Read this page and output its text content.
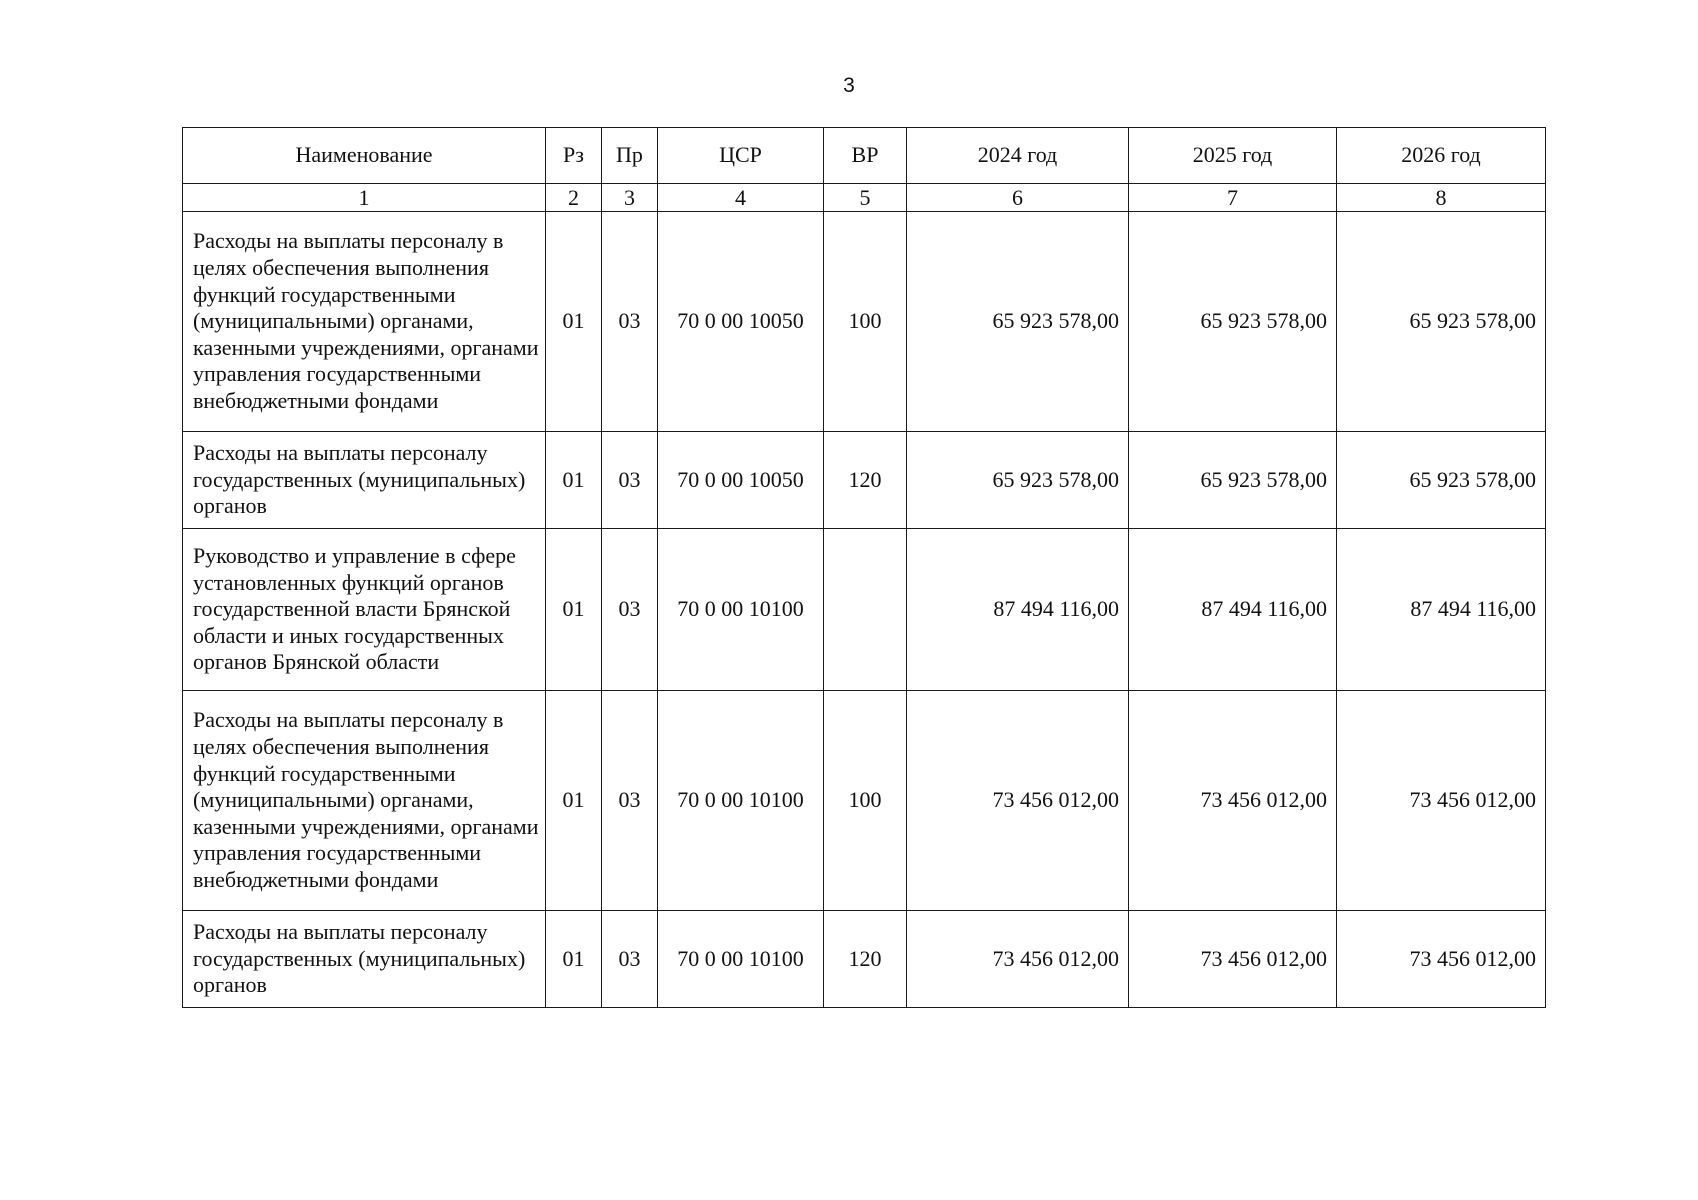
3
Наименование	Рз	Пр	ЦСР	ВР	2024 год	2025 год	2026 год
1	2	3	4	5	6	7	8
Расходы на выплаты персоналу в целях обеспечения выполнения функций государственными (муниципальными) органами, казенными учреждениями, органами управления государственными внебюджетными фондами	01	03	70 0 00 10050	100	65 923 578,00	65 923 578,00	65 923 578,00
Расходы на выплаты персоналу государственных (муниципальных) органов	01	03	70 0 00 10050	120	65 923 578,00	65 923 578,00	65 923 578,00
Руководство и управление в сфере установленных функций органов государственной власти Брянской области и иных государственных органов Брянской области	01	03	70 0 00 10100		87 494 116,00	87 494 116,00	87 494 116,00
Расходы на выплаты персоналу в целях обеспечения выполнения функций государственными (муниципальными) органами, казенными учреждениями, органами управления государственными внебюджетными фондами	01	03	70 0 00 10100	100	73 456 012,00	73 456 012,00	73 456 012,00
Расходы на выплаты персоналу государственных (муниципальных) органов	01	03	70 0 00 10100	120	73 456 012,00	73 456 012,00	73 456 012,00
